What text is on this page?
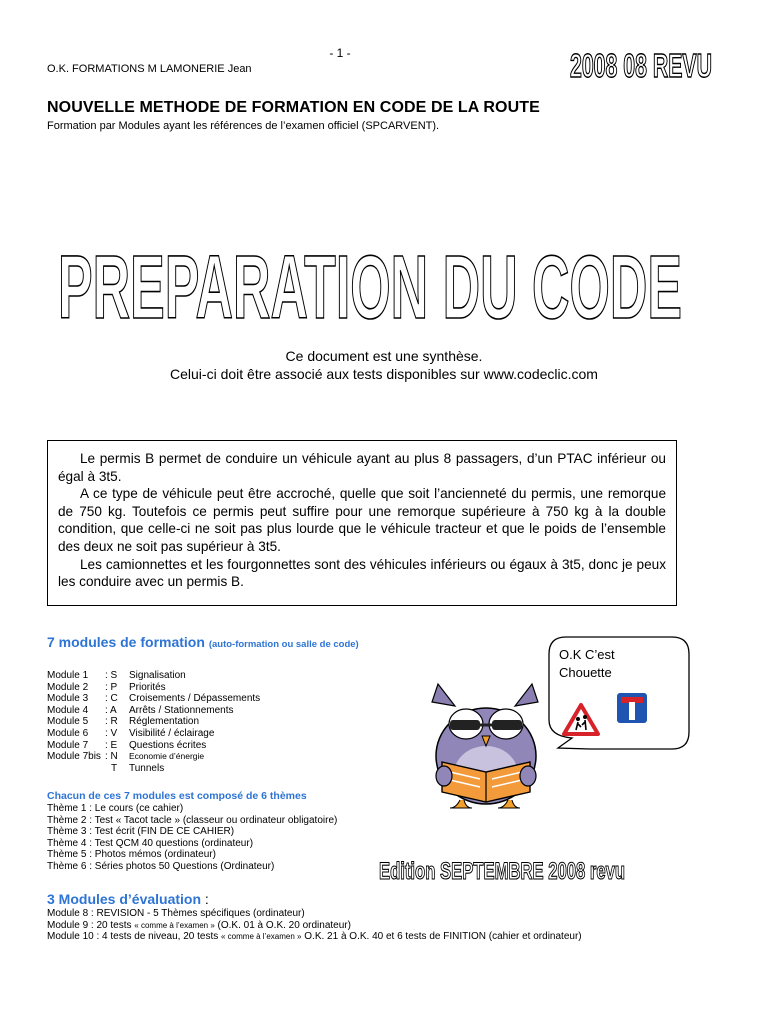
- 1 -
O.K. FORMATIONS M LAMONERIE Jean	2008 08 REVU
NOUVELLE METHODE DE FORMATION EN CODE DE LA ROUTE
Formation par Modules ayant les références de l’examen officiel (SPCARVENT).
PREPARATION DU CODE
Ce document est une synthèse.
Celui-ci doit être associé aux tests disponibles sur www.codeclic.com

Le permis B permet de conduire un véhicule ayant au plus 8 passagers, d’un PTAC inférieur ou égal à 3t5.

A ce type de véhicule peut être accroché, quelle que soit l’ancienneté du permis, une remorque de 750 kg. Toutefois ce permis peut suffire pour une remorque supérieure à 750 kg à la double condition, que celle-ci ne soit pas plus lourde que le véhicule tracteur et que le poids de l’ensemble des deux ne soit pas supérieur à 3t5.

Les camionnettes et les fourgonnettes sont des véhicules inférieurs ou égaux à 3t5, donc je peux les conduire avec un permis B.

7 modules de formation (auto-formation ou salle de code)
Module 1 : S Signalisation
Module 2 : P Priorités
Module 3 : C Croisements / Dépassements
Module 4 : A Arrêts / Stationnements
Module 5 : R Réglementation
Module 6 : V Visibilité / éclairage
Module 7 : E Questions écrites
Module 7bis : N Economie d’énergie
T Tunnels
Chacun de ces 7 modules est composé de 6 thèmes
Thème 1 : Le cours (ce cahier)
Thème 2 : Test « Tacot tacle » (classeur ou ordinateur obligatoire)
Thème 3 : Test écrit (FIN DE CE CAHIER)
Thème 4 : Test QCM 40 questions (ordinateur)
Thème 5 : Photos mémos (ordinateur)
Thème 6 : Séries photos 50 Questions (Ordinateur)
3 Modules d’évaluation :
Module 8 : REVISION - 5 Thèmes spécifiques (ordinateur)
Module 9 : 20 tests « comme à l’examen » (O.K. 01 à O.K. 20 ordinateur)
Module 10 : 4 tests de niveau, 20 tests « comme à l’examen » O.K. 21 à O.K. 40 et 6 tests de FINITION (cahier et ordinateur)
O.K C’est
Chouette
Edition SEPTEMBRE 2008 revu
